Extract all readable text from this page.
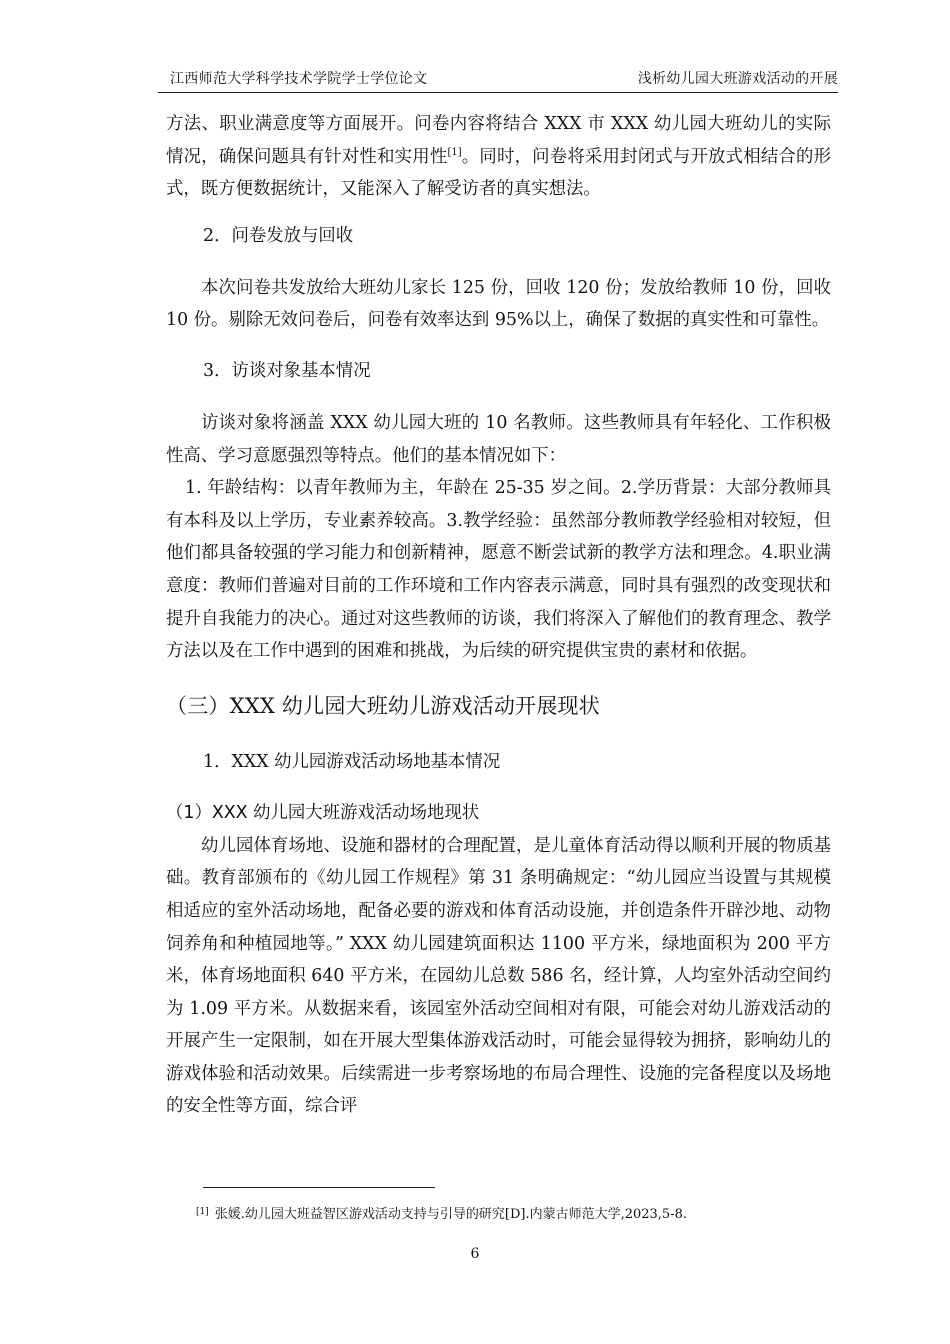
江西师范大学科学技术学院学士学位论文	浅析幼儿园大班游戏活动的开展

方法、职业满意度等方面展开。问卷内容将结合 XXX 市 XXX 幼儿园大班幼儿的实际情况，确保问题具有针对性和实用性[1]。同时，问卷将采用封闭式与开放式相结合的形式，既方便数据统计，又能深入了解受访者的真实想法。

2．问卷发放与回收

本次问卷共发放给大班幼儿家长 125 份，回收 120 份；发放给教师 10 份，回收 10 份。剔除无效问卷后，问卷有效率达到 95%以上，确保了数据的真实性和可靠性。

3．访谈对象基本情况

访谈对象将涵盖 XXX 幼儿园大班的 10 名教师。这些教师具有年轻化、工作积极性高、学习意愿强烈等特点。他们的基本情况如下：

1. 年龄结构：以青年教师为主，年龄在 25-35 岁之间。2.学历背景：大部分教师具有本科及以上学历，专业素养较高。3.教学经验：虽然部分教师教学经验相对较短，但他们都具备较强的学习能力和创新精神，愿意不断尝试新的教学方法和理念。4.职业满意度：教师们普遍对目前的工作环境和工作内容表示满意，同时具有强烈的改变现状和提升自我能力的决心。通过对这些教师的访谈，我们将深入了解他们的教育理念、教学方法以及在工作中遇到的困难和挑战，为后续的研究提供宝贵的素材和依据。

（三）XXX 幼儿园大班幼儿游戏活动开展现状
1．XXX 幼儿园游戏活动场地基本情况
（1）XXX 幼儿园大班游戏活动场地现状

幼儿园体育场地、设施和器材的合理配置，是儿童体育活动得以顺利开展的物质基础。教育部颁布的《幼儿园工作规程》第 31 条明确规定：“幼儿园应当设置与其规模相适应的室外活动场地，配备必要的游戏和体育活动设施，并创造条件开辟沙地、动物饲养角和种植园地等。” XXX 幼儿园建筑面积达 1100 平方米，绿地面积为 200 平方米，体育场地面积 640 平方米，在园幼儿总数 586 名，经计算，人均室外活动空间约为 1.09 平方米。从数据来看，该园室外活动空间相对有限，可能会对幼儿游戏活动的开展产生一定限制，如在开展大型集体游戏活动时，可能会显得较为拥挤，影响幼儿的游戏体验和活动效果。后续需进一步考察场地的布局合理性、设施的完备程度以及场地的安全性等方面，综合评

[1] 张媛.幼儿园大班益智区游戏活动支持与引导的研究[D].内蒙古师范大学,2023,5-8.
6
